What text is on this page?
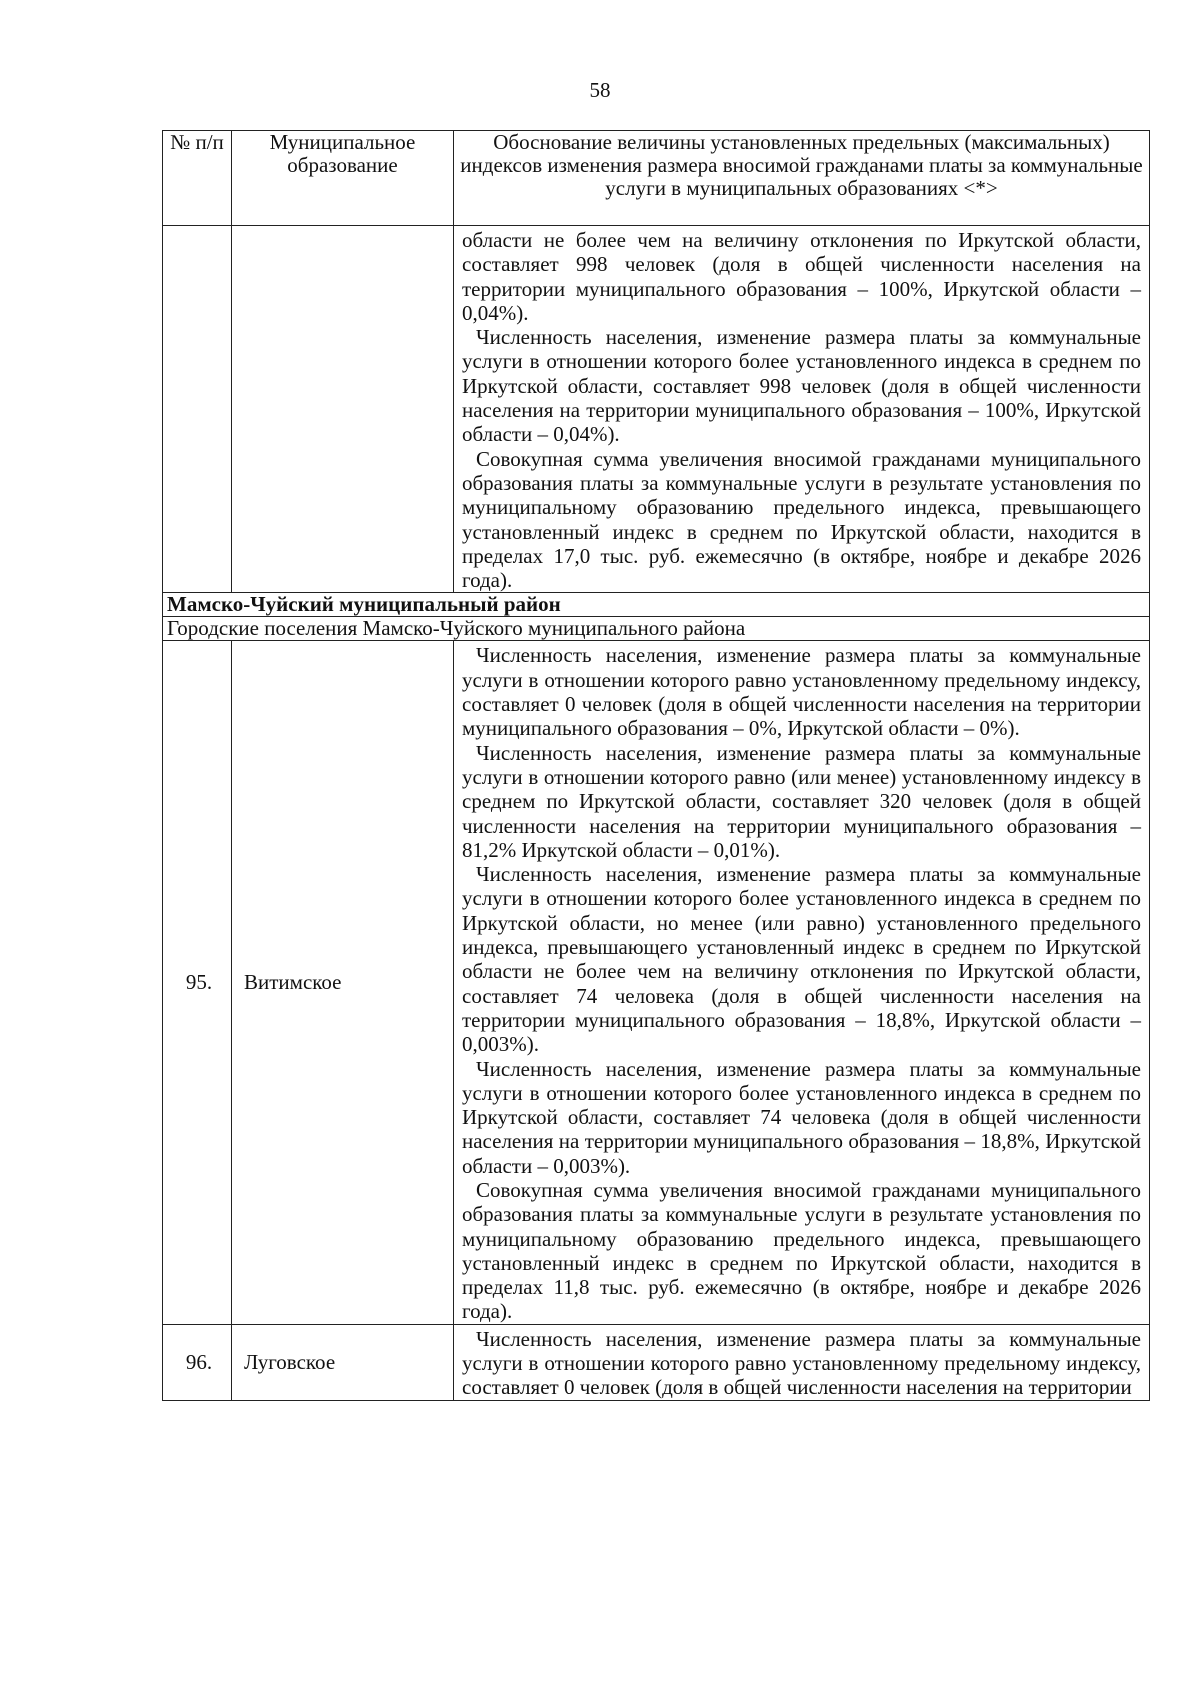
58
№ п/п	Муниципальное образование	Обоснование величины установленных предельных (максимальных) индексов изменения размера вносимой гражданами платы за коммунальные услуги в муниципальных образованиях <*>

		области не более чем на величину отклонения по Иркутской области, составляет 998 человек (доля в общей численности населения на территории муниципального образования – 100%, Иркутской области – 0,04%).

Численность населения, изменение размера платы за коммунальные услуги в отношении которого более установленного индекса в среднем по Иркутской области, составляет 998 человек (доля в общей численности населения на территории муниципального образования – 100%, Иркутской области – 0,04%).

Совокупная сумма увеличения вносимой гражданами муниципального образования платы за коммунальные услуги в результате установления по муниципальному образованию предельного индекса, превышающего установленный индекс в среднем по Иркутской области, находится в пределах 17,0 тыс. руб. ежемесячно (в октябре, ноябре и декабре 2026 года).

Мамско-Чуйский муниципальный район		
Городские поселения Мамско-Чуйского муниципального района		
95.	Витимское	Численность населения, изменение размера платы за коммунальные услуги в отношении которого равно установленному предельному индексу, составляет 0 человек (доля в общей численности населения на территории муниципального образования – 0%, Иркутской области – 0%).

Численность населения, изменение размера платы за коммунальные услуги в отношении которого равно (или менее) установленному индексу в среднем по Иркутской области, составляет 320 человек (доля в общей численности населения на территории муниципального образования – 81,2% Иркутской области – 0,01%).

Численность населения, изменение размера платы за коммунальные услуги в отношении которого более установленного индекса в среднем по Иркутской области, но менее (или равно) установленного предельного индекса, превышающего установленный индекс в среднем по Иркутской области не более чем на величину отклонения по Иркутской области, составляет 74 человека (доля в общей численности населения на территории муниципального образования – 18,8%, Иркутской области – 0,003%).

Численность населения, изменение размера платы за коммунальные услуги в отношении которого более установленного индекса в среднем по Иркутской области, составляет 74 человека (доля в общей численности населения на территории муниципального образования – 18,8%, Иркутской области – 0,003%).

Совокупная сумма увеличения вносимой гражданами муниципального образования платы за коммунальные услуги в результате установления по муниципальному образованию предельного индекса, превышающего установленный индекс в среднем по Иркутской области, находится в пределах 11,8 тыс. руб. ежемесячно (в октябре, ноябре и декабре 2026 года).

96.	Луговское	Численность населения, изменение размера платы за коммунальные услуги в отношении которого равно установленному предельному индексу, составляет 0 человек (доля в общей численности населения на территории
